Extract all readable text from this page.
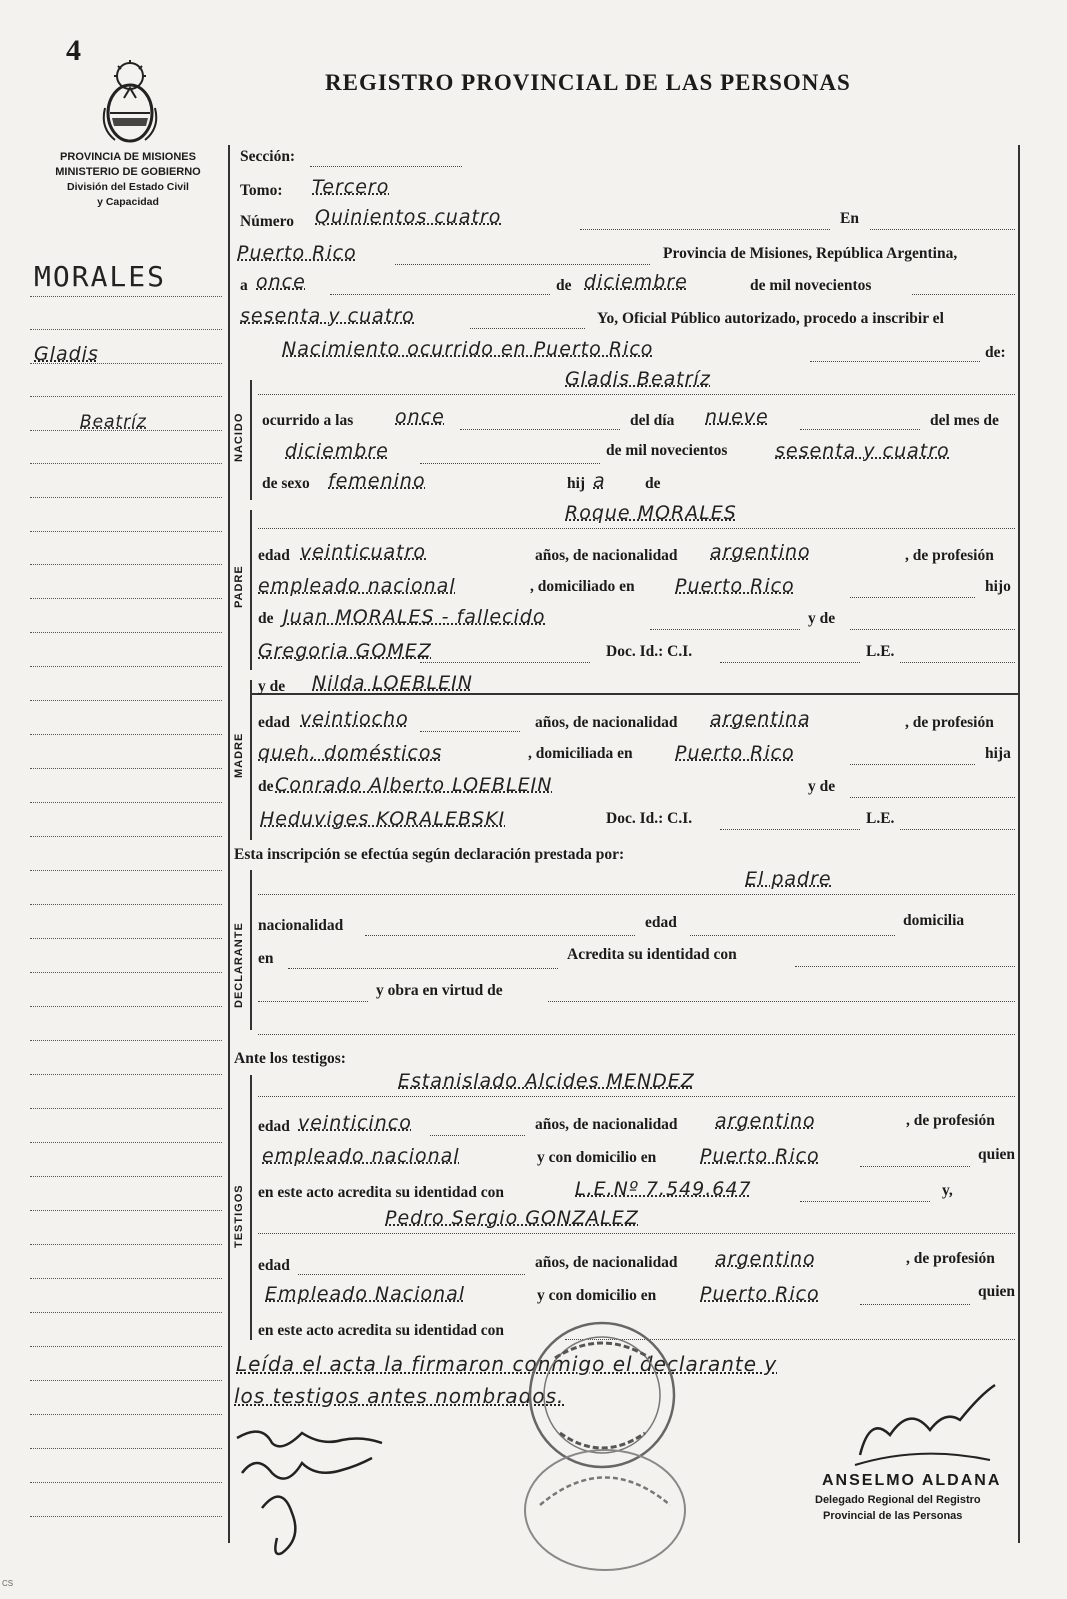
4
REGISTRO PROVINCIAL DE LAS PERSONAS
PROVINCIA DE MISIONES
MINISTERIO DE GOBIERNO
División del Estado Civil
y Capacidad
NACIDO
PADRE
MADRE
DECLARANTE
TESTIGOS
MORALES
Gladis
Beatríz
Sección:
Tomo: Tercero
Número Quinientos cuatro	En
Puerto Rico	Provincia de Misiones, República Argentina,
a once	de diciembre	de mil novecientos
sesenta y cuatro	Yo, Oficial Público autorizado, procedo a inscribir el
Nacimiento ocurrido en Puerto Rico	de:
Gladis Beatríz
ocurrido a las once	del día nueve	del mes de
diciembre	de mil novecientos	sesenta y cuatro
de sexo femenino	hij a	de
Roque MORALES
edad veinticuatro	años, de nacionalidad argentino	, de profesión
empleado nacional	, domiciliado en Puerto Rico	hijo
de Juan MORALES - fallecido	y de
Gregoria GOMEZ	Doc. Id.: C.I.	L.E.
y de Nilda LOEBLEIN
edad veintiocho	años, de nacionalidad argentina	, de profesión
queh. domésticos	, domiciliada en Puerto Rico	hija
de Conrado Alberto LOEBLEIN	y de
Heduviges KORALEBSKI	Doc. Id.: C.I.	L.E.
Esta inscripción se efectúa según declaración prestada por:
El padre
nacionalidad	edad	domicilia
en	Acredita su identidad con
y obra en virtud de
Ante los testigos:
Estanislado Alcides MENDEZ
edad veinticinco	años, de nacionalidad argentino	, de profesión
empleado nacional	y con domicilio en Puerto Rico	quien
en este acto acredita su identidad con	L.E.Nº 7.549.647	y,
Pedro Sergio GONZALEZ
edad	años, de nacionalidad argentino	, de profesión
Empleado Nacional	y con domicilio en Puerto Rico	quien
en este acto acredita su identidad con
Leída el acta la firmaron conmigo el declarante y
los testigos antes nombrados.
ANSELMO ALDANA
Delegado Regional del Registro
Provincial de las Personas
CS
